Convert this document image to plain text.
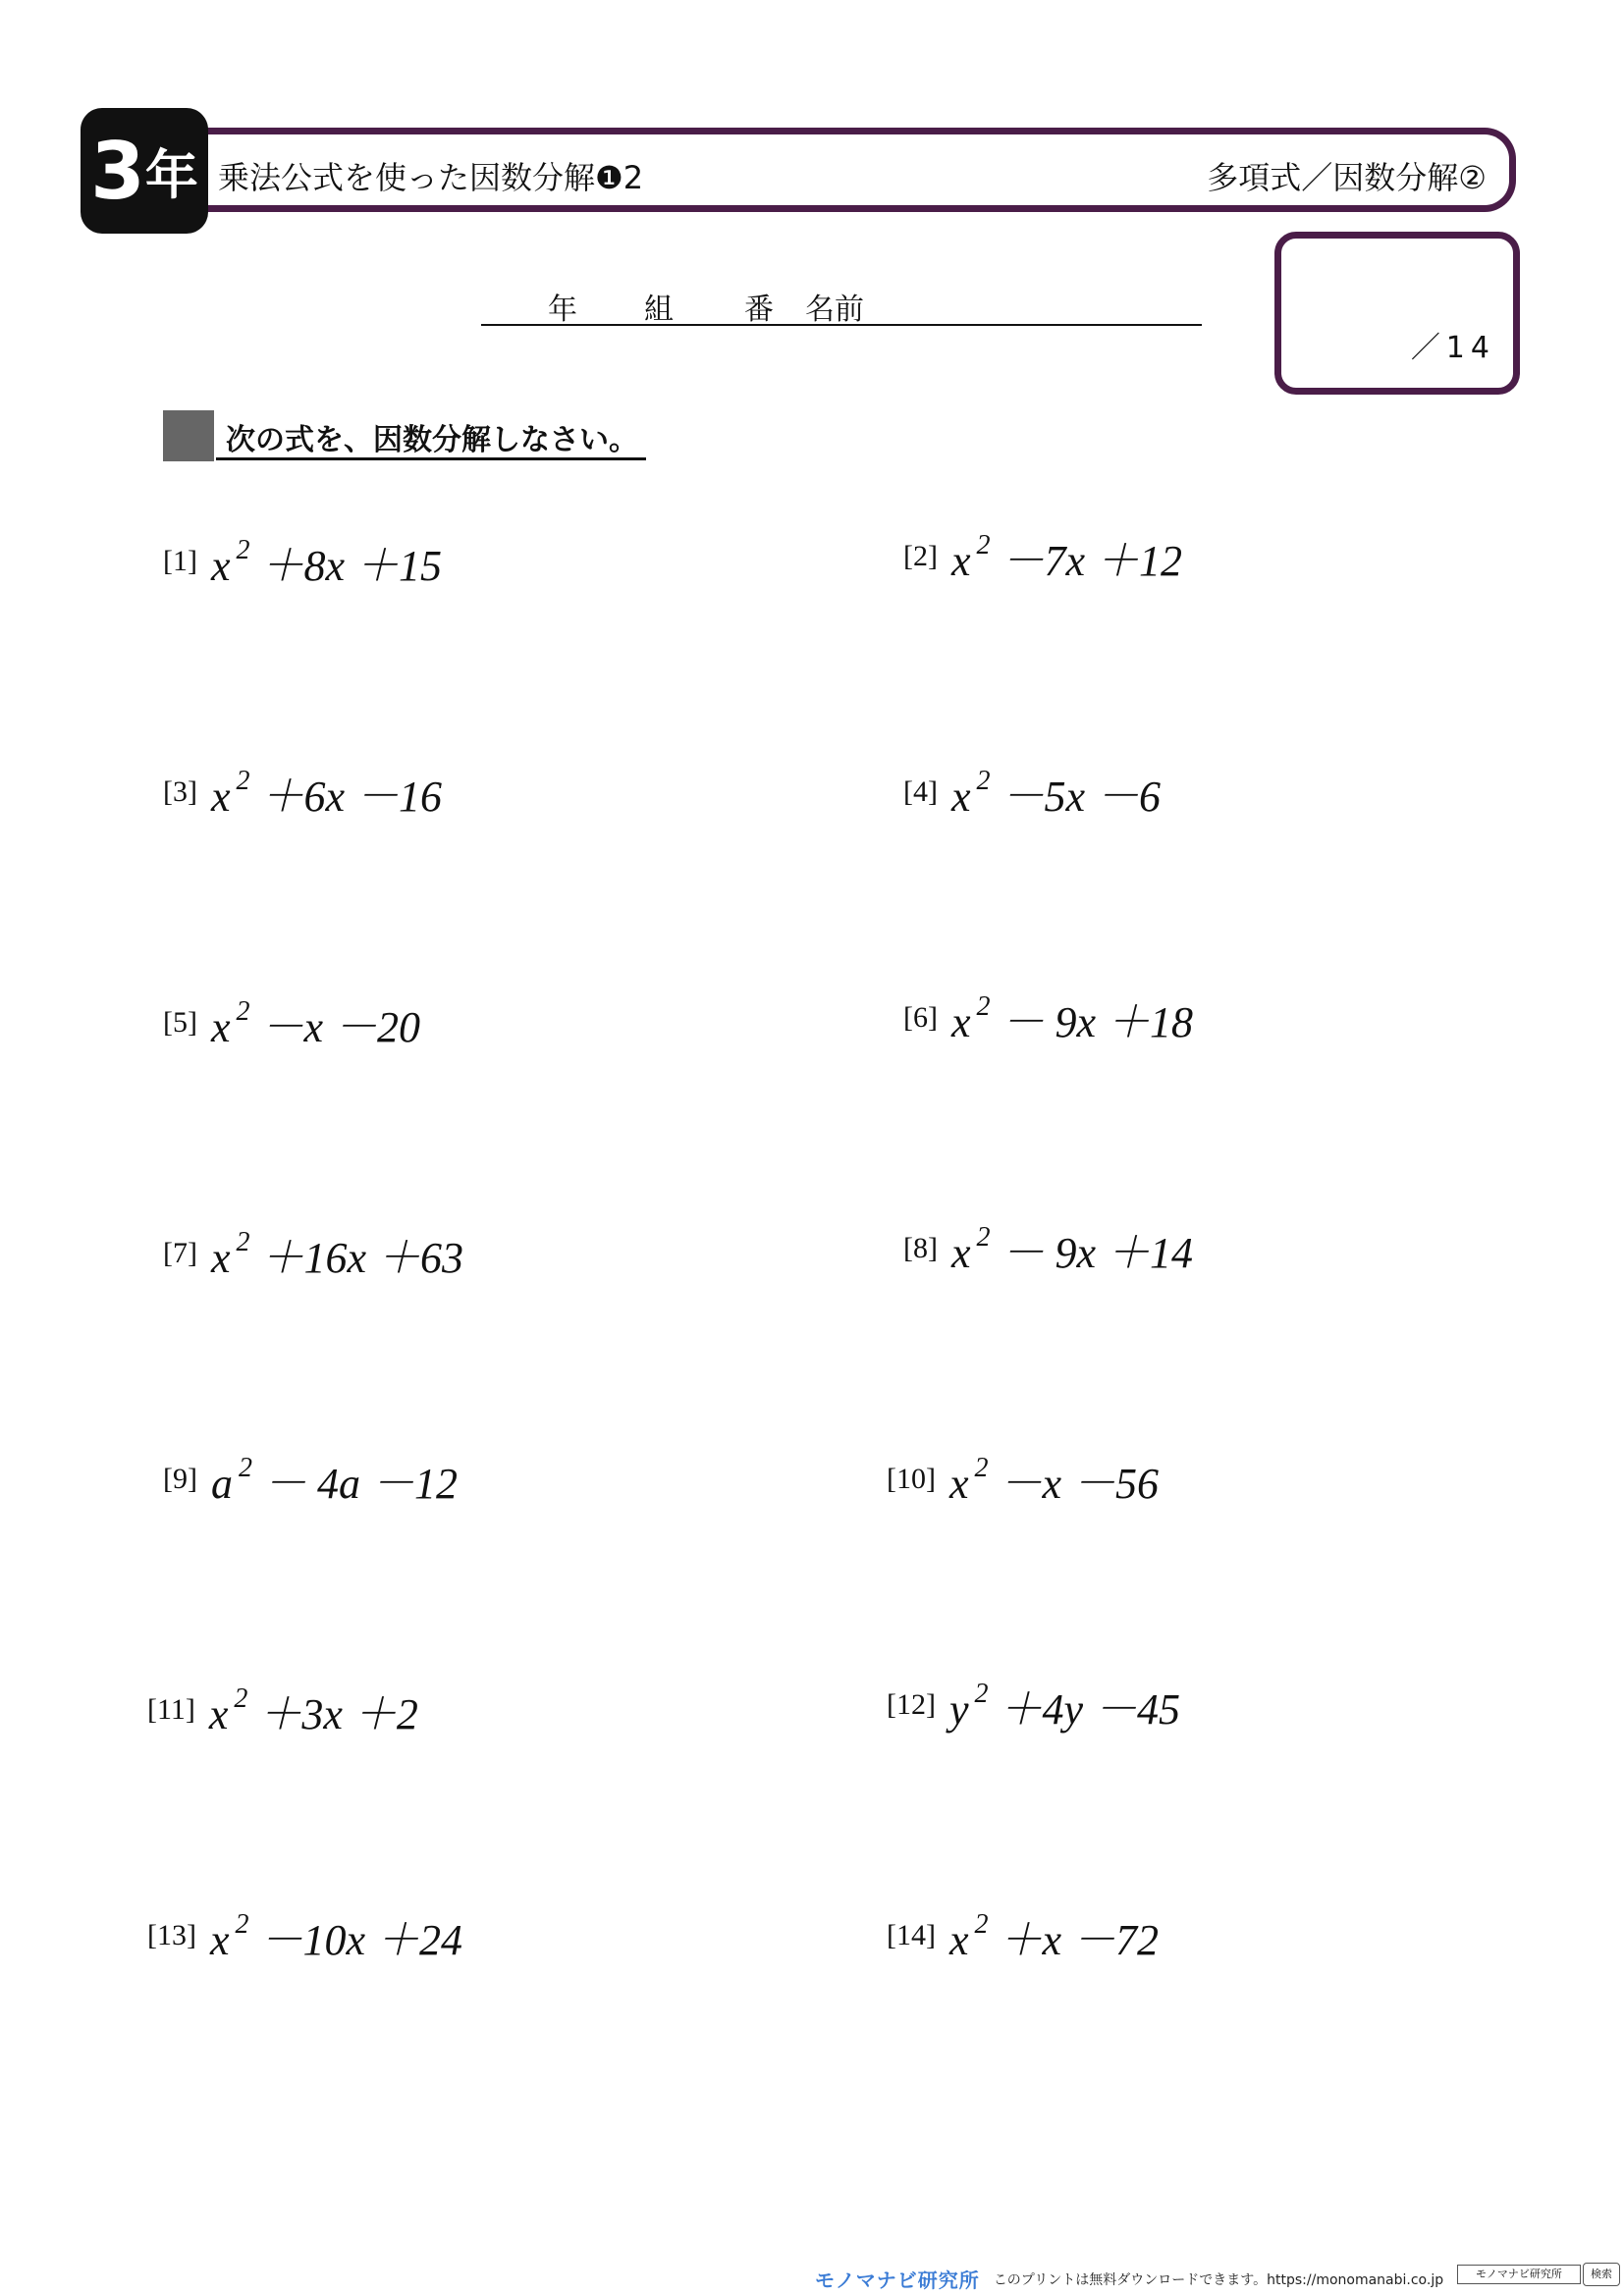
3 年 乗法公式を使った因数分解❶2	多項式／因数分解②
年 組 番 名前
／14
次の式を、因数分解しなさい。
[1] x $^2$ ＋8x ＋15	[2] x $^2$ －7x ＋12
[3] x $^2$ ＋6x －16	[4] x $^2$ －5x －6
[5] x $^2$ －x －20	[6] x $^2$ － 9x ＋18
[7] x $^2$ ＋16x ＋63	[8] x $^2$ － 9x ＋14
[9] a $^2$ － 4a －12	[10] x $^2$ －x －56
[11] x $^2$ ＋3x ＋2	[12] y $^2$ ＋4y －45
[13] x $^2$ －10x ＋24	[14] x $^2$ ＋x －72
モノマナビ研究所 このプリントは無料ダウンロードできます。https://monomanabi.co.jp	モノマナビ研究所	検索
